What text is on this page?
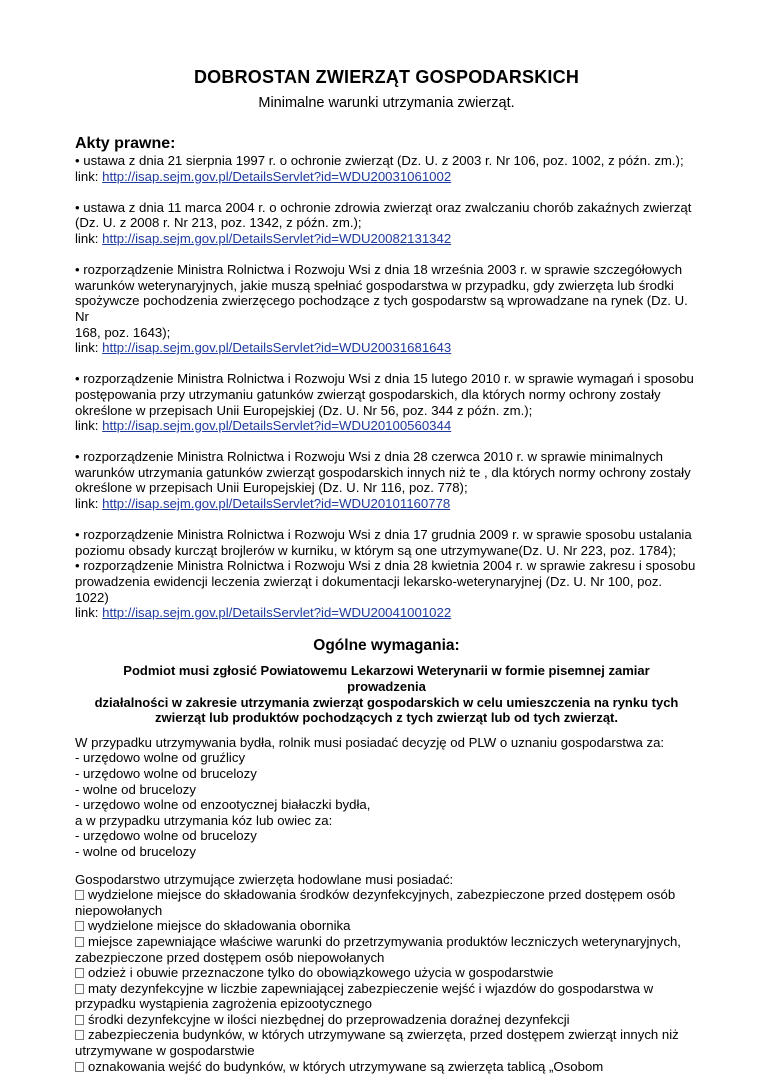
DOBROSTAN ZWIERZĄT GOSPODARSKICH
Minimalne warunki utrzymania zwierząt.
Akty prawne:
• ustawa z dnia 21 sierpnia 1997 r. o ochronie zwierząt (Dz. U. z 2003 r. Nr 106, poz. 1002, z późn. zm.);
link: http://isap.sejm.gov.pl/DetailsServlet?id=WDU20031061002
• ustawa z dnia 11 marca 2004 r. o ochronie zdrowia zwierząt oraz zwalczaniu chorób zakaźnych zwierząt
(Dz. U. z 2008 r. Nr 213, poz. 1342, z późn. zm.);
link: http://isap.sejm.gov.pl/DetailsServlet?id=WDU20082131342
• rozporządzenie Ministra Rolnictwa i Rozwoju Wsi z dnia 18 września 2003 r. w sprawie szczegółowych
warunków weterynaryjnych, jakie muszą spełniać gospodarstwa w przypadku, gdy zwierzęta lub środki
spożywcze pochodzenia zwierzęcego pochodzące z tych gospodarstw są wprowadzane na rynek (Dz. U. Nr
168, poz. 1643);
link: http://isap.sejm.gov.pl/DetailsServlet?id=WDU20031681643
• rozporządzenie Ministra Rolnictwa i Rozwoju Wsi z dnia 15 lutego 2010 r. w sprawie wymagań i sposobu
postępowania przy utrzymaniu gatunków zwierząt gospodarskich, dla których normy ochrony zostały
określone w przepisach Unii Europejskiej (Dz. U. Nr 56, poz. 344 z późn. zm.);
link: http://isap.sejm.gov.pl/DetailsServlet?id=WDU20100560344
• rozporządzenie Ministra Rolnictwa i Rozwoju Wsi z dnia 28 czerwca 2010 r. w sprawie minimalnych
warunków utrzymania gatunków zwierząt gospodarskich innych niż te , dla których normy ochrony zostały
określone w przepisach Unii Europejskiej (Dz. U. Nr 116, poz. 778);
link: http://isap.sejm.gov.pl/DetailsServlet?id=WDU20101160778
• rozporządzenie Ministra Rolnictwa i Rozwoju Wsi z dnia 17 grudnia 2009 r. w sprawie sposobu ustalania
poziomu obsady kurcząt brojlerów w kurniku, w którym są one utrzymywane(Dz. U. Nr 223, poz. 1784);
• rozporządzenie Ministra Rolnictwa i Rozwoju Wsi z dnia 28 kwietnia 2004 r. w sprawie zakresu i sposobu
prowadzenia ewidencji leczenia zwierząt i dokumentacji lekarsko-weterynaryjnej (Dz. U. Nr 100, poz. 1022)
link: http://isap.sejm.gov.pl/DetailsServlet?id=WDU20041001022
Ogólne wymagania:
Podmiot musi zgłosić Powiatowemu Lekarzowi Weterynarii w formie pisemnej zamiar prowadzenia
działalności w zakresie utrzymania zwierząt gospodarskich w celu umieszczenia na rynku tych
zwierząt lub produktów pochodzących z tych zwierząt lub od tych zwierząt.
W przypadku utrzymywania bydła, rolnik musi posiadać decyzję od PLW o uznaniu gospodarstwa za:
- urzędowo wolne od gruźlicy
- urzędowo wolne od brucelozy
- wolne od brucelozy
- urzędowo wolne od enzootycznej białaczki bydła,
a w przypadku utrzymania kóz lub owiec za:
- urzędowo wolne od brucelozy
- wolne od brucelozy
Gospodarstwo utrzymujące zwierzęta hodowlane musi posiadać:
wydzielone miejsce do składowania środków dezynfekcyjnych, zabezpieczone przed dostępem osób
niepowołanych
wydzielone miejsce do składowania obornika
miejsce zapewniające właściwe warunki do przetrzymywania produktów leczniczych weterynaryjnych,
zabezpieczone przed dostępem osób niepowołanych
odzież i obuwie przeznaczone tylko do obowiązkowego użycia w gospodarstwie
maty dezynfekcyjne w liczbie zapewniającej zabezpieczenie wejść i wjazdów do gospodarstwa w
przypadku wystąpienia zagrożenia epizootycznego
środki dezynfekcyjne w ilości niezbędnej do przeprowadzenia doraźnej dezynfekcji
zabezpieczenia budynków, w których utrzymywane są zwierzęta, przed dostępem zwierząt innych niż
utrzymywane w gospodarstwie
oznakowania wejść do budynków, w których utrzymywane są zwierzęta tablicą „Osobom
